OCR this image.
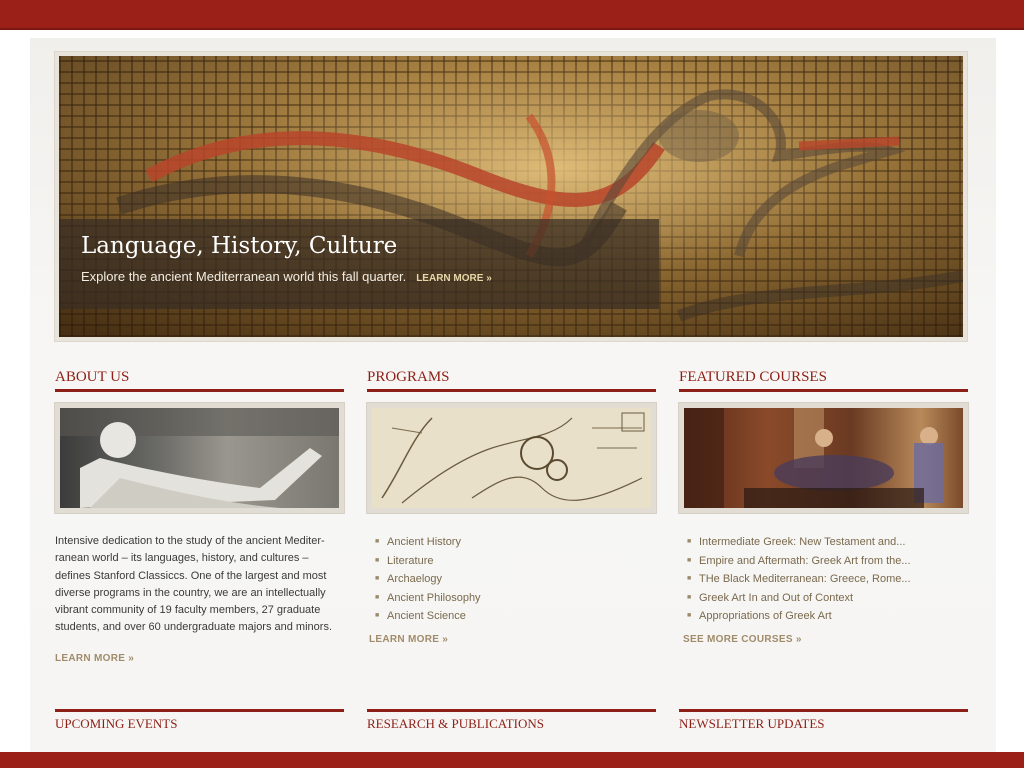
Language, History, Culture

Explore the ancient Mediterranean world this fall quarter. LEARN MORE »

ABOUT US
Intensive dedication to the study of the ancient Mediter-ranean world – its languages, history, and cultures – defines Stanford Classiccs. One of the largest and most diverse programs in the country, we are an intellectually vibrant community of 19 faculty members, 27 graduate students, and over 60 undergraduate majors and minors.
LEARN MORE »
PROGRAMS
■ Ancient History
■ Literature
■ Archaelogy
■ Ancient Philosophy
■ Ancient Science
LEARN MORE »
FEATURED COURSES
■ Intermediate Greek: New Testament and...
■ Empire and Aftermath: Greek Art from the...
■ THe Black Mediterranean: Greece, Rome...
■ Greek Art In and Out of Context
■ Appropriations of Greek Art
SEE MORE COURSES »
UPCOMING EVENTS	RESEARCH & PUBLICATIONS	NEWSLETTER UPDATES
